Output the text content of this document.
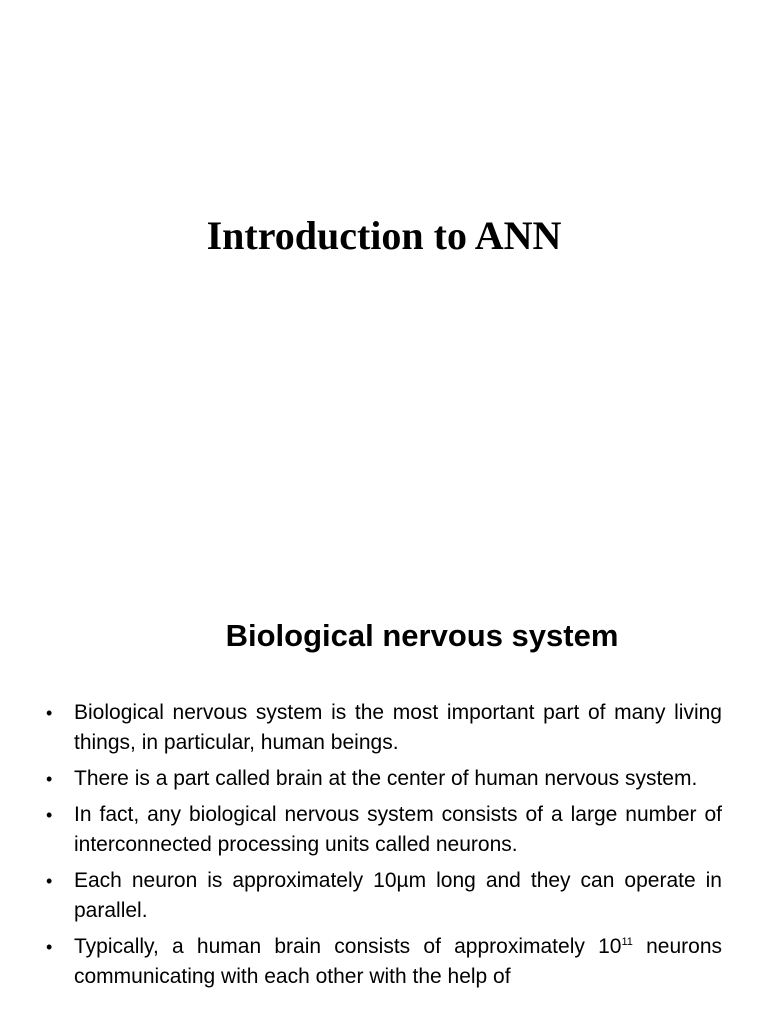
Introduction to ANN
Biological nervous system
• Biological nervous system is the most important part of many living things, in particular, human beings.
• There is a part called brain at the center of human nervous system.
• In fact, any biological nervous system consists of a large number of interconnected processing units called neurons.
• Each neuron is approximately 10µm long and they can operate in parallel.
• Typically, a human brain consists of approximately $10^{11}$ neurons communicating with each other with the help of
